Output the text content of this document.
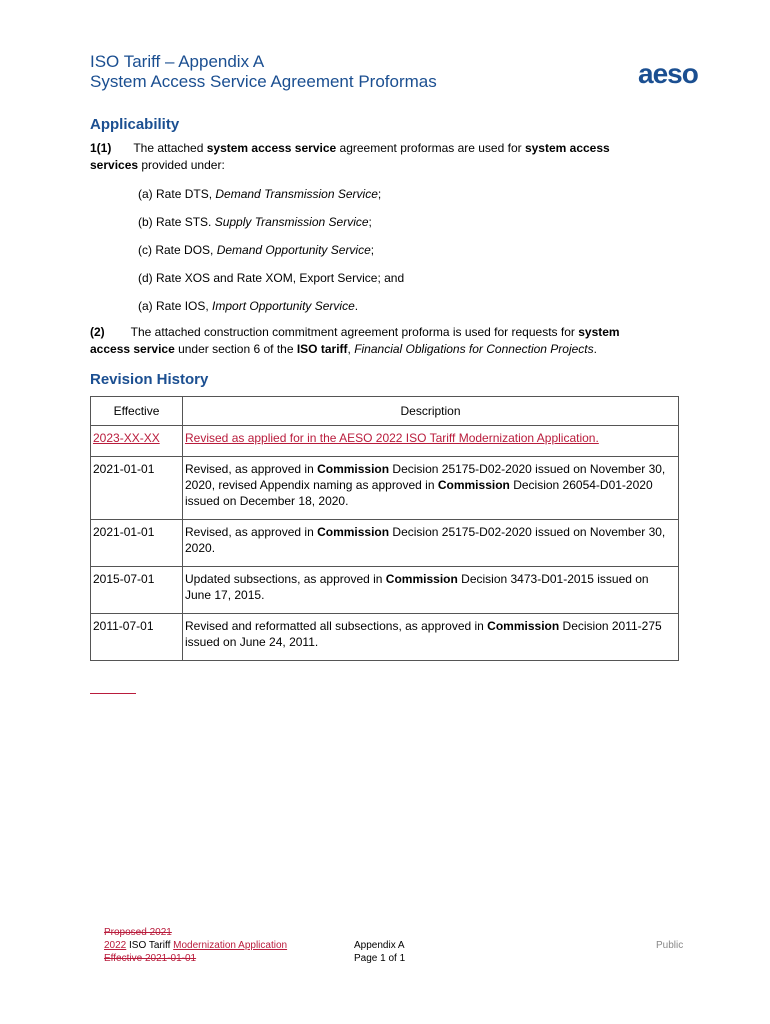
ISO Tariff – Appendix A
System Access Service Agreement Proformas	aeso
Applicability
1(1) The attached system access service agreement proformas are used for system access services provided under:
(a) Rate DTS, Demand Transmission Service;
(b) Rate STS. Supply Transmission Service;
(c) Rate DOS, Demand Opportunity Service;
(d) Rate XOS and Rate XOM, Export Service; and
(a) Rate IOS, Import Opportunity Service.
(2) The attached construction commitment agreement proforma is used for requests for system access service under section 6 of the ISO tariff, Financial Obligations for Connection Projects.
Revision History
Effective	Description
2023-XX-XX	Revised as applied for in the AESO 2022 ISO Tariff Modernization Application.
2021-01-01	Revised, as approved in Commission Decision 25175-D02-2020 issued on November 30, 2020, revised Appendix naming as approved in Commission Decision 26054-D01-2020 issued on December 18, 2020.
2021-01-01	Revised, as approved in Commission Decision 25175-D02-2020 issued on November 30, 2020.
2015-07-01	Updated subsections, as approved in Commission Decision 3473-D01-2015 issued on June 17, 2015.
2011-07-01	Revised and reformatted all subsections, as approved in Commission Decision 2011-275 issued on June 24, 2011.
Proposed 2021
2022 ISO Tariff Modernization Application
Effective 2021-01-01
Appendix A
Page 1 of 1
Public
